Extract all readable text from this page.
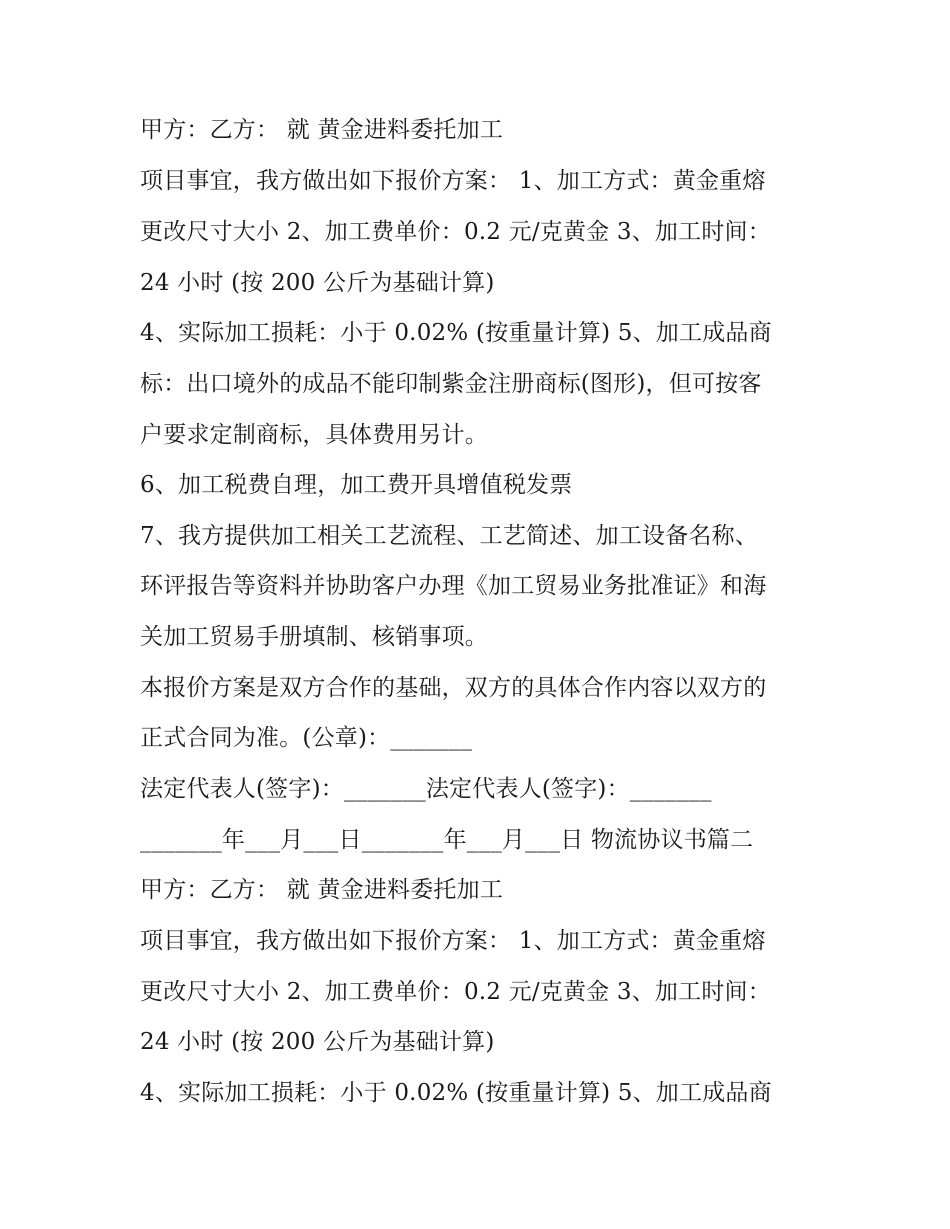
甲方：乙方： 就 黄金进料委托加工
项目事宜，我方做出如下报价方案： 1、加工方式：黄金重熔
更改尺寸大小 2、加工费单价：0.2 元/克黄金 3、加工时间：
24 小时 (按 200 公斤为基础计算)
4、实际加工损耗：小于 0.02% (按重量计算) 5、加工成品商
标：出口境外的成品不能印制紫金注册商标(图形)，但可按客
户要求定制商标，具体费用另计。
6、加工税费自理，加工费开具增值税发票
7、我方提供加工相关工艺流程、工艺简述、加工设备名称、
环评报告等资料并协助客户办理《加工贸易业务批准证》和海
关加工贸易手册填制、核销事项。
本报价方案是双方合作的基础，双方的具体合作内容以双方的
正式合同为准。(公章)：_______
法定代表人(签字)：_______法定代表人(签字)：_______
_______年___月___日_______年___月___日 物流协议书篇二
甲方：乙方： 就 黄金进料委托加工
项目事宜，我方做出如下报价方案： 1、加工方式：黄金重熔
更改尺寸大小 2、加工费单价：0.2 元/克黄金 3、加工时间：
24 小时 (按 200 公斤为基础计算)
4、实际加工损耗：小于 0.02% (按重量计算) 5、加工成品商
